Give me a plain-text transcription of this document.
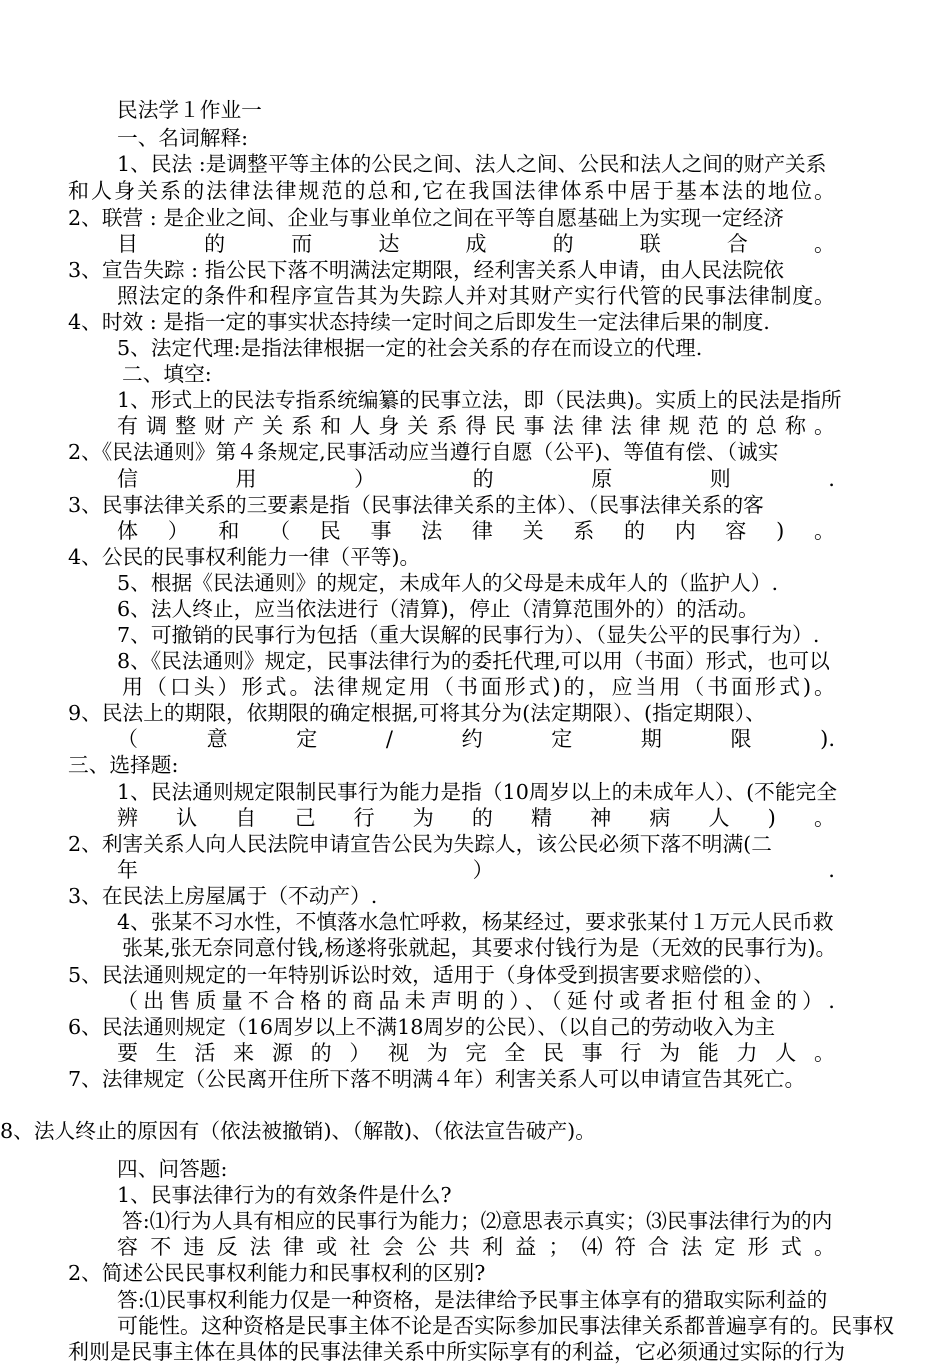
民法学１作业一
一、名词解释:
1、民法 :是调整平等主体的公民之间、法人之间、公民和法人之间的财产关系
和人身关系的法律法律规范的总和,它在我国法律体系中居于基本法的地位。
2、联营 : 是企业之间、企业与事业单位之间在平等自愿基础上为实现一定经济
目的而达成的联合。
3、宣告失踪 : 指公民下落不明满法定期限，经利害关系人申请，由人民法院依
照法定的条件和程序宣告其为失踪人并对其财产实行代管的民事法律制度。
4、时效 : 是指一定的事实状态持续一定时间之后即发生一定法律后果的制度.
5、法定代理:是指法律根据一定的社会关系的存在而设立的代理.
二、填空:
1、形式上的民法专指系统编纂的民事立法，即（民法典)。实质上的民法是指所
有调整财产关系和人身关系得民事法律法律规范的总称。
2、《民法通则》第４条规定,民事活动应当遵行自愿（公平)、等值有偿、（诚实
信用）的原则.
3、民事法律关系的三要素是指（民事法律关系的主体）、（民事法律关系的客
体）和（民事法律关系的内容)。
4、公民的民事权利能力一律（平等)。
5、根据《民法通则》的规定，未成年人的父母是未成年人的（监护人）.
6、法人终止，应当依法进行（清算)，停止（清算范围外的）的活动。
7、可撤销的民事行为包括（重大误解的民事行为）、（显失公平的民事行为）.
8、《民法通则》规定，民事法律行为的委托代理,可以用（书面）形式，也可以
用（口头）形式。法律规定用（书面形式)的，应当用（书面形式)。
9、民法上的期限，依期限的确定根据,可将其分为(法定期限）、(指定期限）、
（意定/约定期限).
三、选择题:
1、民法通则规定限制民事行为能力是指（10周岁以上的未成年人）、(不能完全
辨认自己行为的精神病人)。
2、利害关系人向人民法院申请宣告公民为失踪人，该公民必须下落不明满(二
年）.
3、在民法上房屋属于（不动产）.
4、张某不习水性，不慎落水急忙呼救，杨某经过，要求张某付１万元人民币救
张某,张无奈同意付钱,杨遂将张就起，其要求付钱行为是（无效的民事行为)。
5、民法通则规定的一年特别诉讼时效，适用于（身体受到损害要求赔偿的）、
（出售质量不合格的商品未声明的）、（延付或者拒付租金的）.
6、民法通则规定（16周岁以上不满18周岁的公民）、（以自己的劳动收入为主
要生活来源的）视为完全民事行为能力人。
7、法律规定（公民离开住所下落不明满４年）利害关系人可以申请宣告其死亡。
8、法人终止的原因有（依法被撤销)、（解散)、（依法宣告破产)。
四、问答题:
1、民事法律行为的有效条件是什么?
答:⑴行为人具有相应的民事行为能力；⑵意思表示真实；⑶民事法律行为的内
容不违反法律或社会公共利益；⑷符合法定形式。
2、简述公民民事权利能力和民事权利的区别?
答:⑴民事权利能力仅是一种资格，是法律给予民事主体享有的猎取实际利益的
可能性。这种资格是民事主体不论是否实际参加民事法律关系都普遍享有的。民事权
利则是民事主体在具体的民事法律关系中所实际享有的利益，它必须通过实际的行为
